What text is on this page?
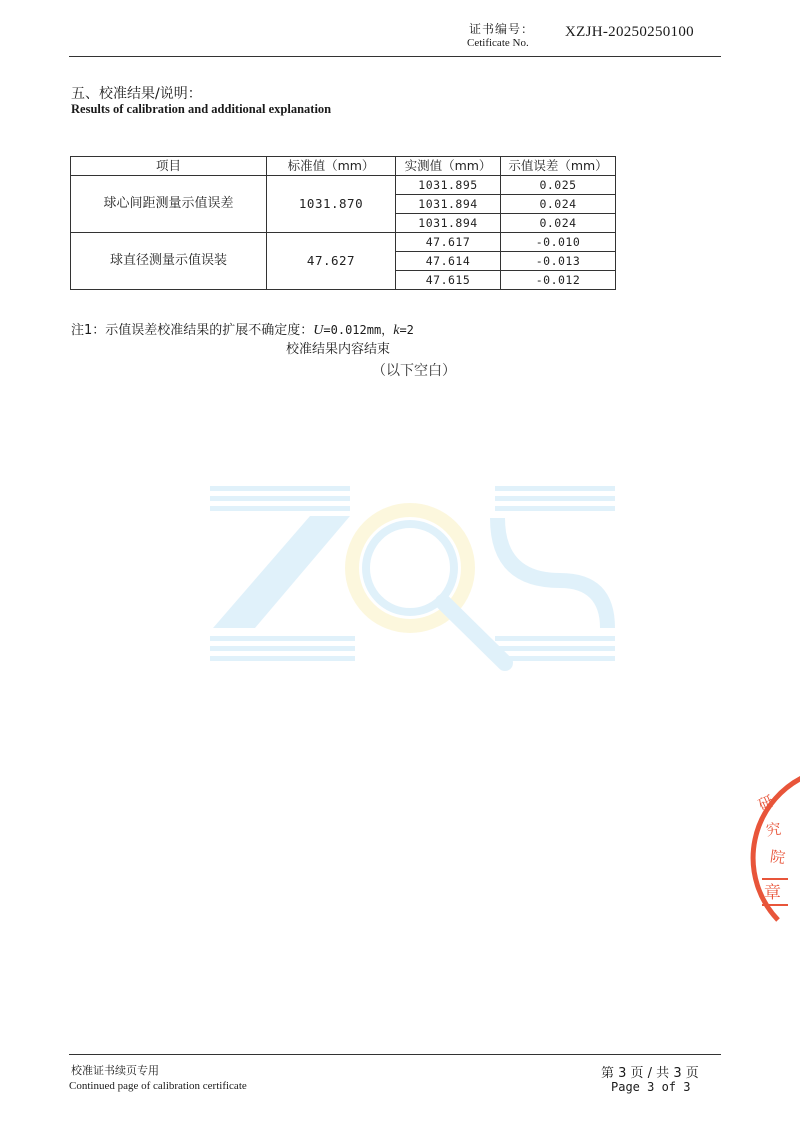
证书编号：
Cetificate No.
XZJH-20250250100
五、校准结果/说明：
Results of calibration and additional explanation
项目	标准值（mm）	实测值（mm）	示值误差（mm）
球心间距测量示值误差	1031.870	1031.895	0.025
		1031.894	0.024
		1031.894	0.024
球直径测量示值误装	47.627	47.617	-0.010
		47.614	-0.013
		47.615	-0.012
注1：示值误差校准结果的扩展不确定度：U=0.012mm，k=2
校准结果内容结束
（以下空白）
研
究
院
章
校准证书续页专用
Continued page of calibration certificate
第 3 页 / 共 3 页
Page 3 of 3
